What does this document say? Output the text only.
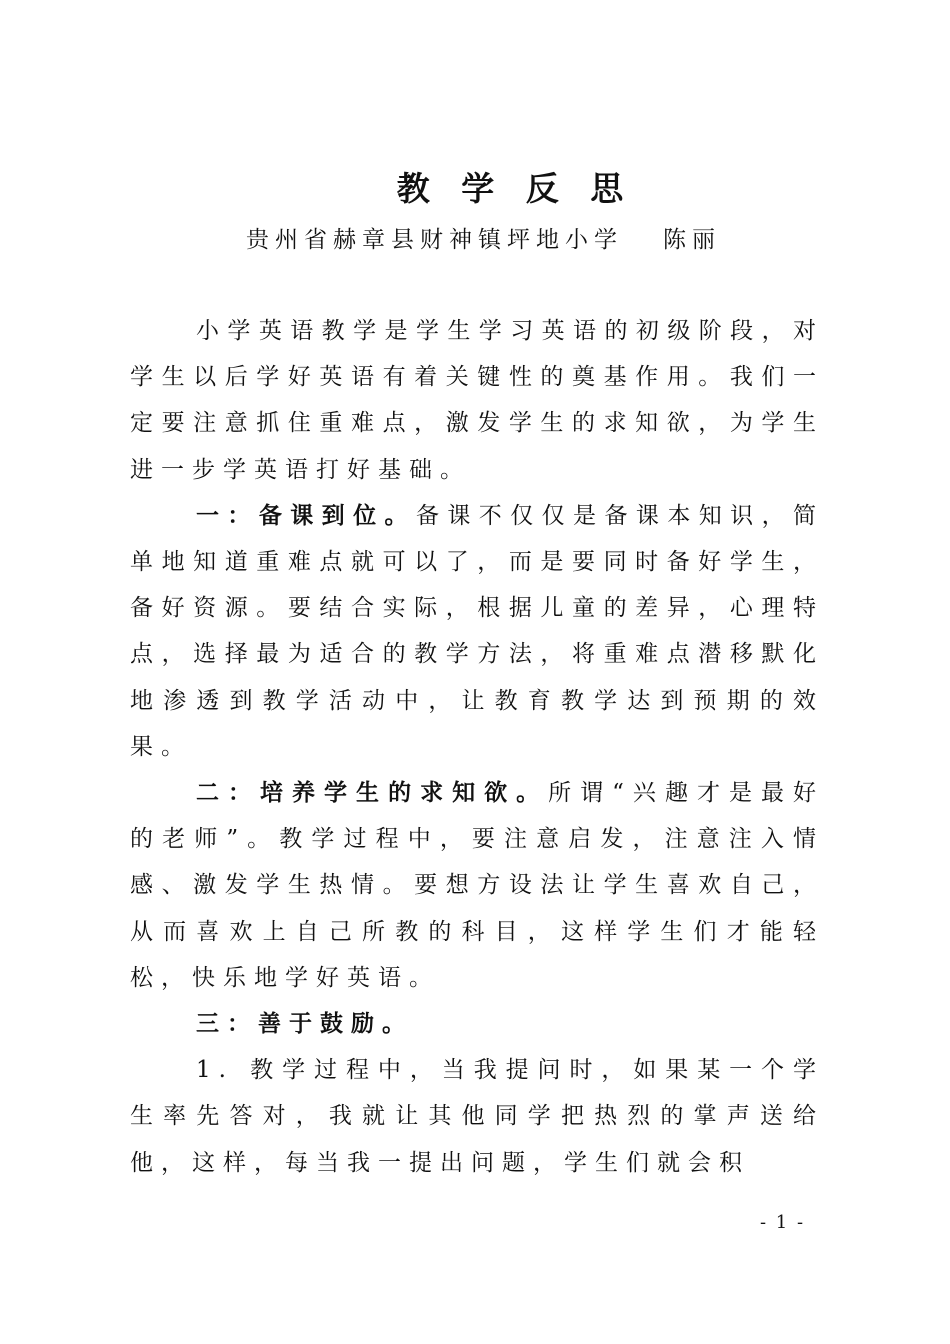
教 学 反 思
贵州省赫章县财神镇坪地小学 陈丽

小学英语教学是学生学习英语的初级阶段，对学生以后学好英语有着关键性的奠基作用。我们一定要注意抓住重难点，激发学生的求知欲，为学生进一步学英语打好基础。

一：备课到位。备课不仅仅是备课本知识，简单地知道重难点就可以了，而是要同时备好学生，备好资源。要结合实际，根据儿童的差异，心理特点，选择最为适合的教学方法，将重难点潜移默化地渗透到教学活动中，让教育教学达到预期的效果。

二：培养学生的求知欲。所谓“兴趣才是最好的老师”。教学过程中，要注意启发，注意注入情感、激发学生热情。要想方设法让学生喜欢自己，从而喜欢上自己所教的科目，这样学生们才能轻松，快乐地学好英语。

三：善于鼓励。

1. 教学过程中，当我提问时，如果某一个学生率先答对，我就让其他同学把热烈的掌声送给他，这样，每当我一提出问题，学生们就会积

- 1 -
